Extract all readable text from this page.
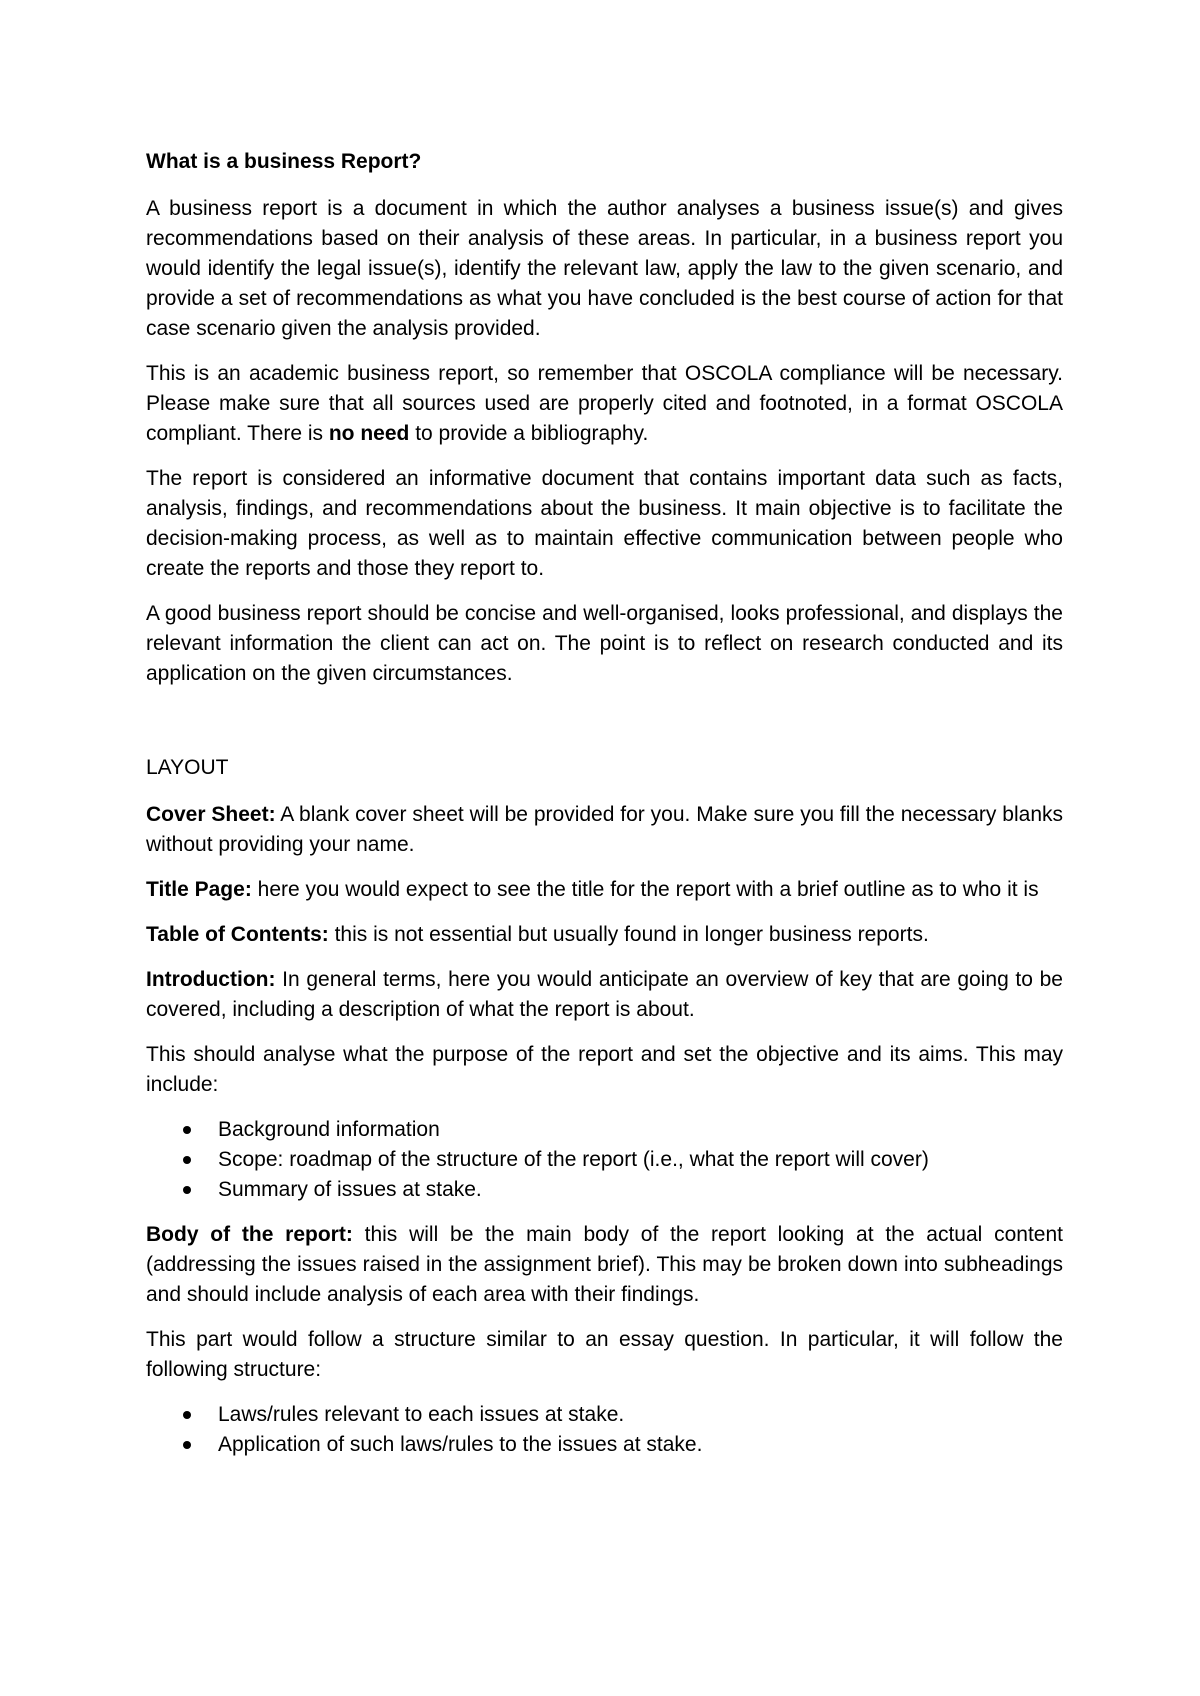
What is a business Report?

A business report is a document in which the author analyses a business issue(s) and gives recommendations based on their analysis of these areas. In particular, in a business report you would identify the legal issue(s), identify the relevant law, apply the law to the given scenario, and provide a set of recommendations as what you have concluded is the best course of action for that case scenario given the analysis provided.

This is an academic business report, so remember that OSCOLA compliance will be necessary. Please make sure that all sources used are properly cited and footnoted, in a format OSCOLA compliant. There is no need to provide a bibliography.

The report is considered an informative document that contains important data such as facts, analysis, findings, and recommendations about the business. It main objective is to facilitate the decision-making process, as well as to maintain effective communication between people who create the reports and those they report to.

A good business report should be concise and well-organised, looks professional, and displays the relevant information the client can act on. The point is to reflect on research conducted and its application on the given circumstances.

LAYOUT

Cover Sheet: A blank cover sheet will be provided for you. Make sure you fill the necessary blanks without providing your name.

Title Page: here you would expect to see the title for the report with a brief outline as to who it is

Table of Contents: this is not essential but usually found in longer business reports.

Introduction: In general terms, here you would anticipate an overview of key that are going to be covered, including a description of what the report is about.

This should analyse what the purpose of the report and set the objective and its aims. This may include:

Background information
Scope: roadmap of the structure of the report (i.e., what the report will cover)
Summary of issues at stake.

Body of the report: this will be the main body of the report looking at the actual content (addressing the issues raised in the assignment brief). This may be broken down into subheadings and should include analysis of each area with their findings.

This part would follow a structure similar to an essay question. In particular, it will follow the following structure:

Laws/rules relevant to each issues at stake.
Application of such laws/rules to the issues at stake.
